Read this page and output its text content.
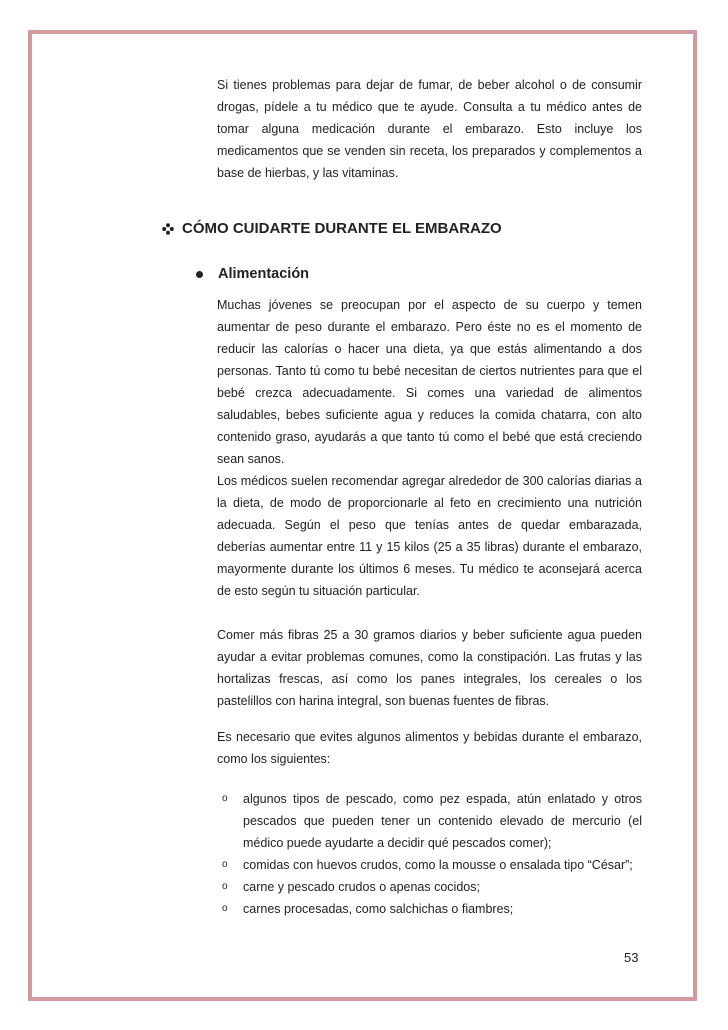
Si tienes problemas para dejar de fumar, de beber alcohol o de consumir drogas, pídele a tu médico que te ayude. Consulta a tu médico antes de tomar alguna medicación durante el embarazo. Esto incluye los medicamentos que se venden sin receta, los preparados y complementos a base de hierbas, y las vitaminas.

CÓMO CUIDARTE DURANTE EL EMBARAZO
Alimentación

Muchas jóvenes se preocupan por el aspecto de su cuerpo y temen aumentar de peso durante el embarazo. Pero éste no es el momento de reducir las calorías o hacer una dieta, ya que estás alimentando a dos personas. Tanto tú como tu bebé necesitan de ciertos nutrientes para que el bebé crezca adecuadamente. Si comes una variedad de alimentos saludables, bebes suficiente agua y reduces la comida chatarra, con alto contenido graso, ayudarás a que tanto tú como el bebé que está creciendo sean sanos.

Los médicos suelen recomendar agregar alrededor de 300 calorías diarias a la dieta, de modo de proporcionarle al feto en crecimiento una nutrición adecuada. Según el peso que tenías antes de quedar embarazada, deberías aumentar entre 11 y 15 kilos (25 a 35 libras) durante el embarazo, mayormente durante los últimos 6 meses. Tu médico te aconsejará acerca de esto según tu situación particular.

Comer más fibras 25 a 30 gramos diarios y beber suficiente agua pueden ayudar a evitar problemas comunes, como la constipación. Las frutas y las hortalizas frescas, así como los panes integrales, los cereales o los pastelillos con harina integral, son buenas fuentes de fibras.

Es necesario que evites algunos alimentos y bebidas durante el embarazo, como los siguientes:

o	algunos tipos de pescado, como pez espada, atún enlatado y otros pescados que pueden tener un contenido elevado de mercurio (el médico puede ayudarte a decidir qué pescados comer);
o	comidas con huevos crudos, como la mousse o ensalada tipo “César”;
o	carne y pescado crudos o apenas cocidos;
o	carnes procesadas, como salchichas o fiambres;
53
